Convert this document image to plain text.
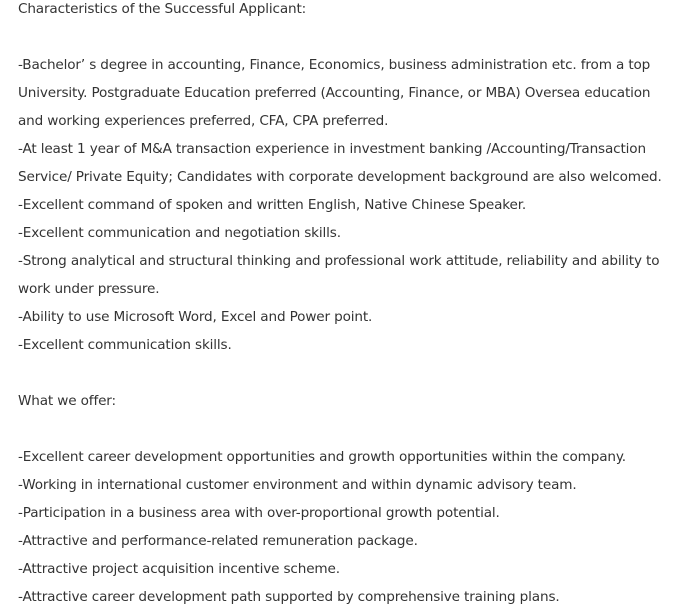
Characteristics of the Successful Applicant:
-Bachelor’ s degree in accounting, Finance, Economics, business administration etc. from a top
University. Postgraduate Education preferred (Accounting, Finance, or MBA) Oversea education
and working experiences preferred, CFA, CPA preferred.
-At least 1 year of M&A transaction experience in investment banking /Accounting/Transaction
Service/ Private Equity; Candidates with corporate development background are also welcomed.
-Excellent command of spoken and written English, Native Chinese Speaker.
-Excellent communication and negotiation skills.
-Strong analytical and structural thinking and professional work attitude, reliability and ability to
work under pressure.
-Ability to use Microsoft Word, Excel and Power point.
-Excellent communication skills.
What we offer:
-Excellent career development opportunities and growth opportunities within the company.
-Working in international customer environment and within dynamic advisory team.
-Participation in a business area with over-proportional growth potential.
-Attractive and performance-related remuneration package.
-Attractive project acquisition incentive scheme.
-Attractive career development path supported by comprehensive training plans.
